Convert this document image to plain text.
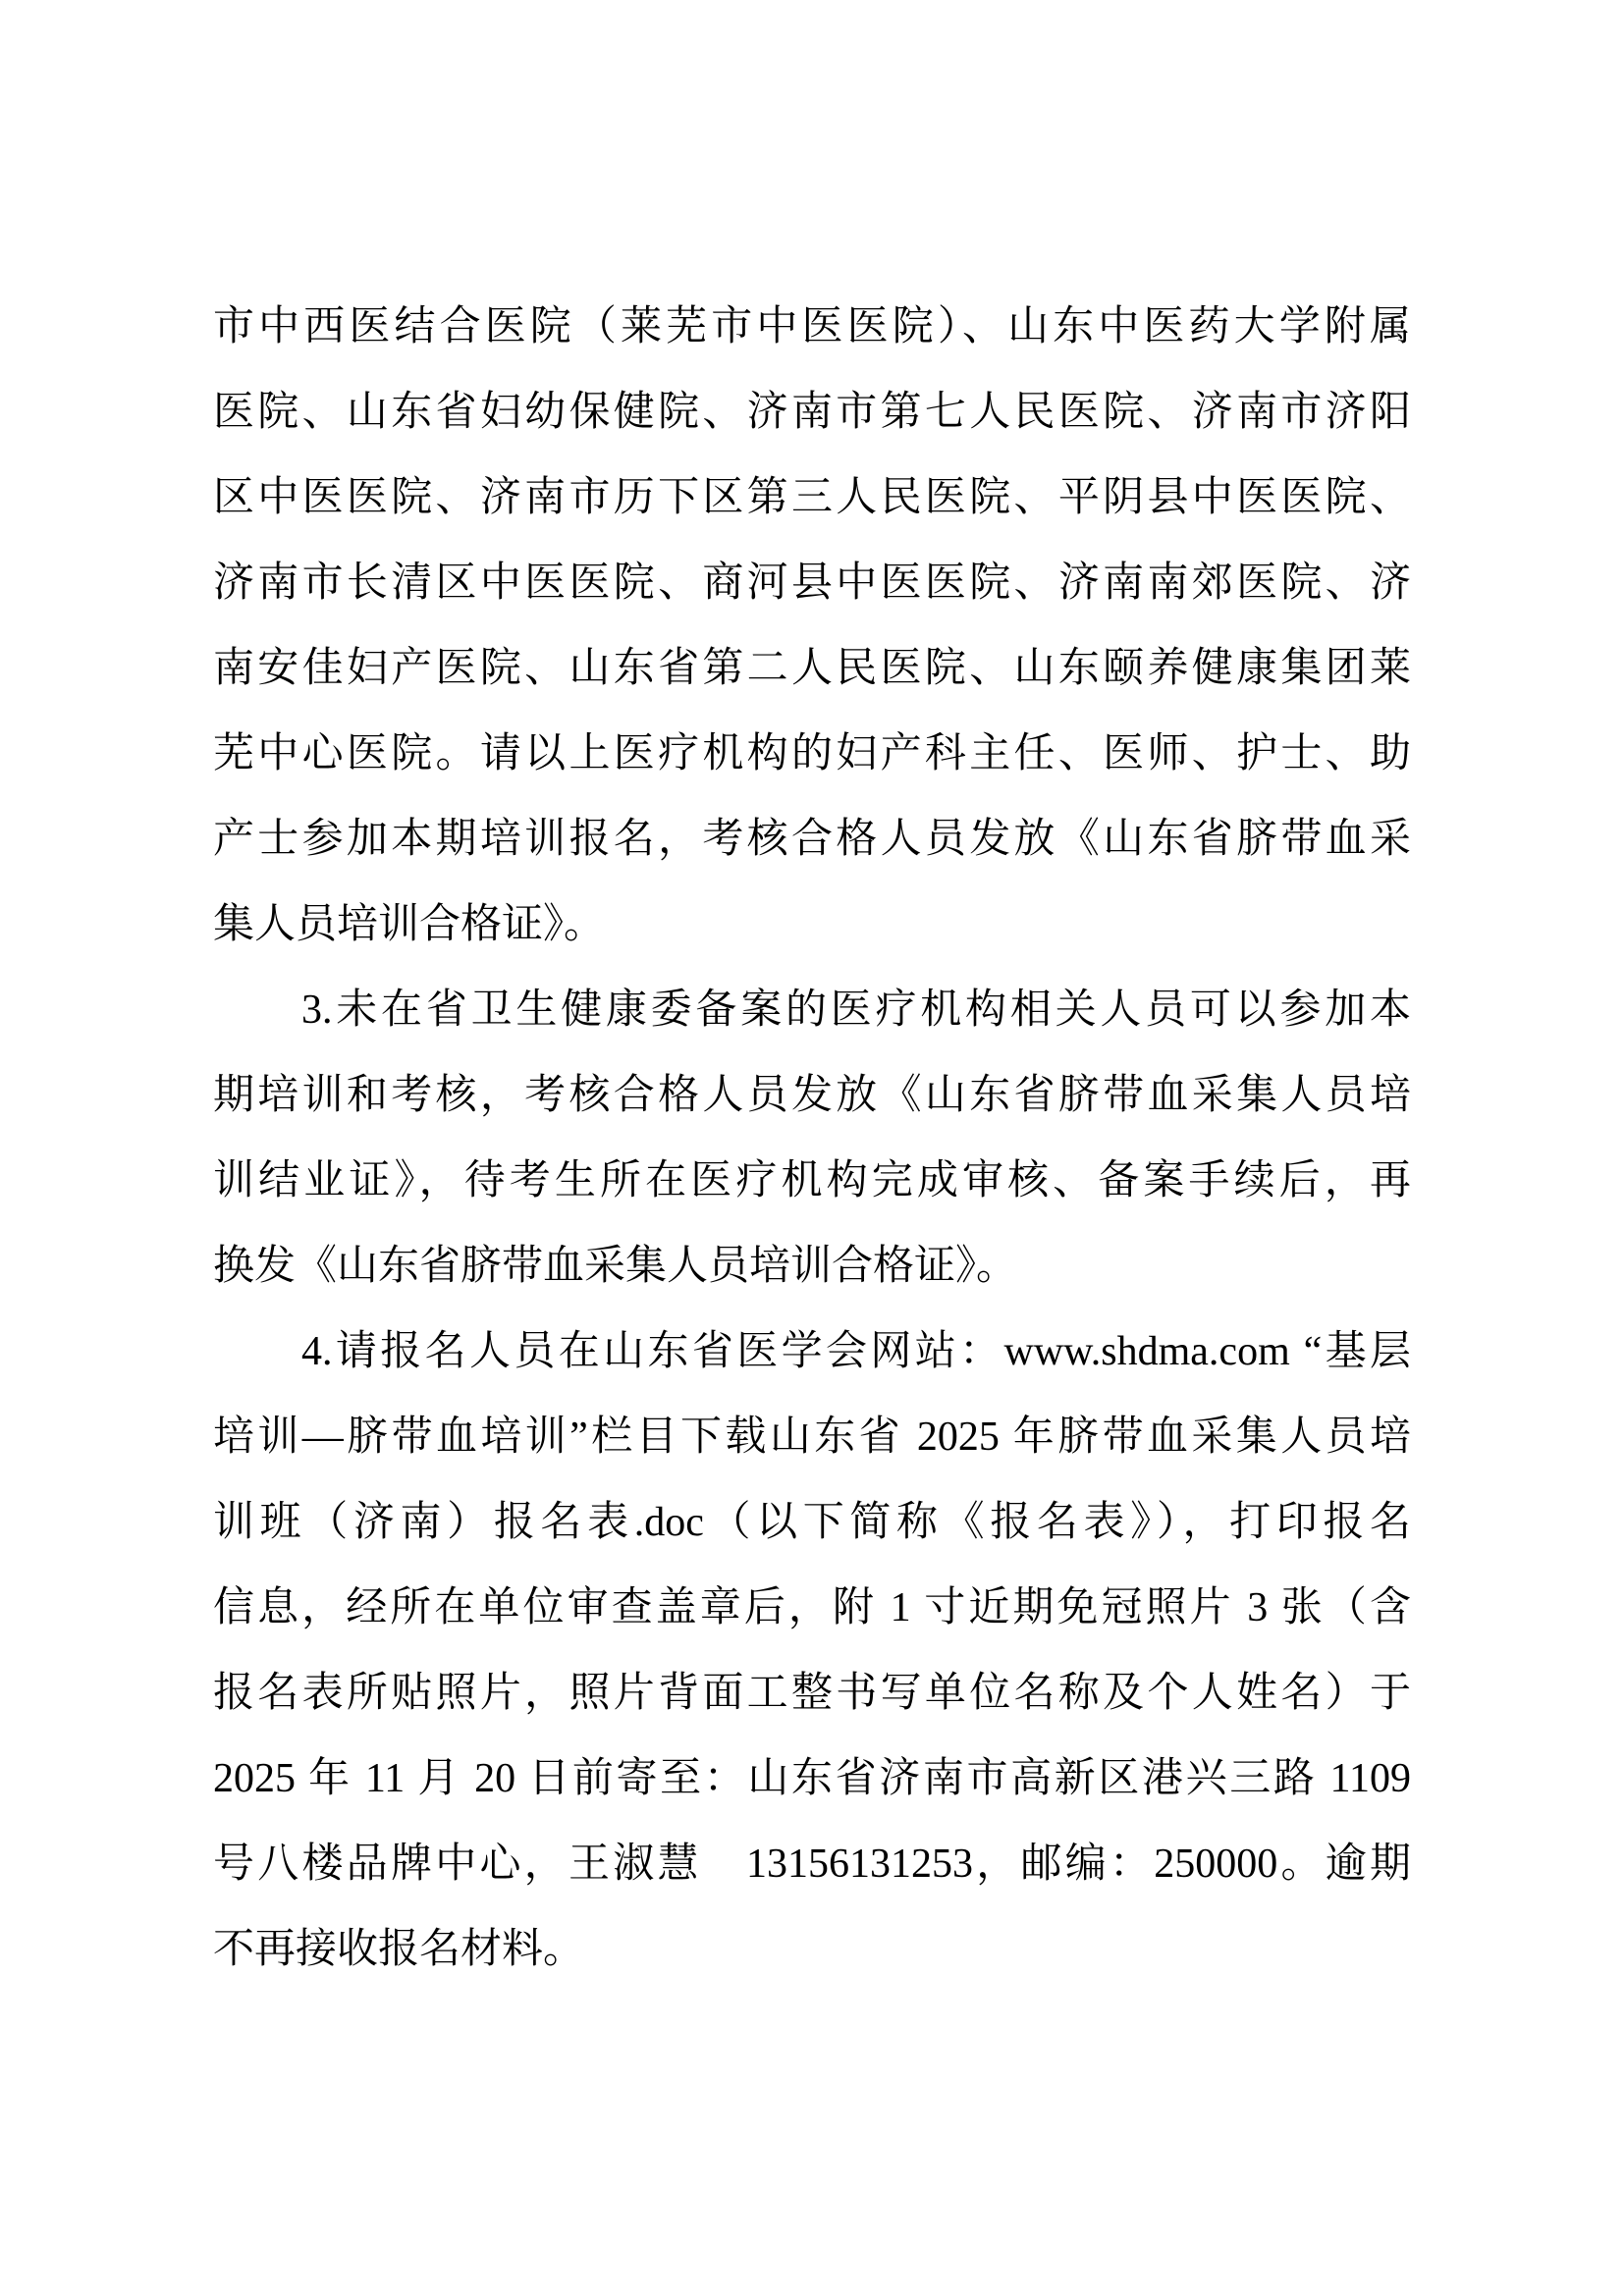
市中西医结合医院（莱芜市中医医院）、山东中医药大学附属
医院、山东省妇幼保健院、济南市第七人民医院、济南市济阳
区中医医院、济南市历下区第三人民医院、平阴县中医医院、
济南市长清区中医医院、商河县中医医院、济南南郊医院、济
南安佳妇产医院、山东省第二人民医院、山东颐养健康集团莱
芜中心医院。请以上医疗机构的妇产科主任、医师、护士、助
产士参加本期培训报名，考核合格人员发放《山东省脐带血采
集人员培训合格证》。
3.未在省卫生健康委备案的医疗机构相关人员可以参加本
期培训和考核，考核合格人员发放《山东省脐带血采集人员培
训结业证》，待考生所在医疗机构完成审核、备案手续后，再
换发《山东省脐带血采集人员培训合格证》。
4.请报名人员在山东省医学会网站：www.shdma.com “基层
培训—脐带血培训”栏目下载山东省 2025 年脐带血采集人员培
训班（济南）报名表.doc（以下简称《报名表》），打印报名
信息，经所在单位审查盖章后，附 1 寸近期免冠照片 3 张（含
报名表所贴照片，照片背面工整书写单位名称及个人姓名）于
2025 年 11 月 20 日前寄至：山东省济南市高新区港兴三路 1109
号八楼品牌中心，王淑慧　13156131253，邮编：250000。逾期
不再接收报名材料。
